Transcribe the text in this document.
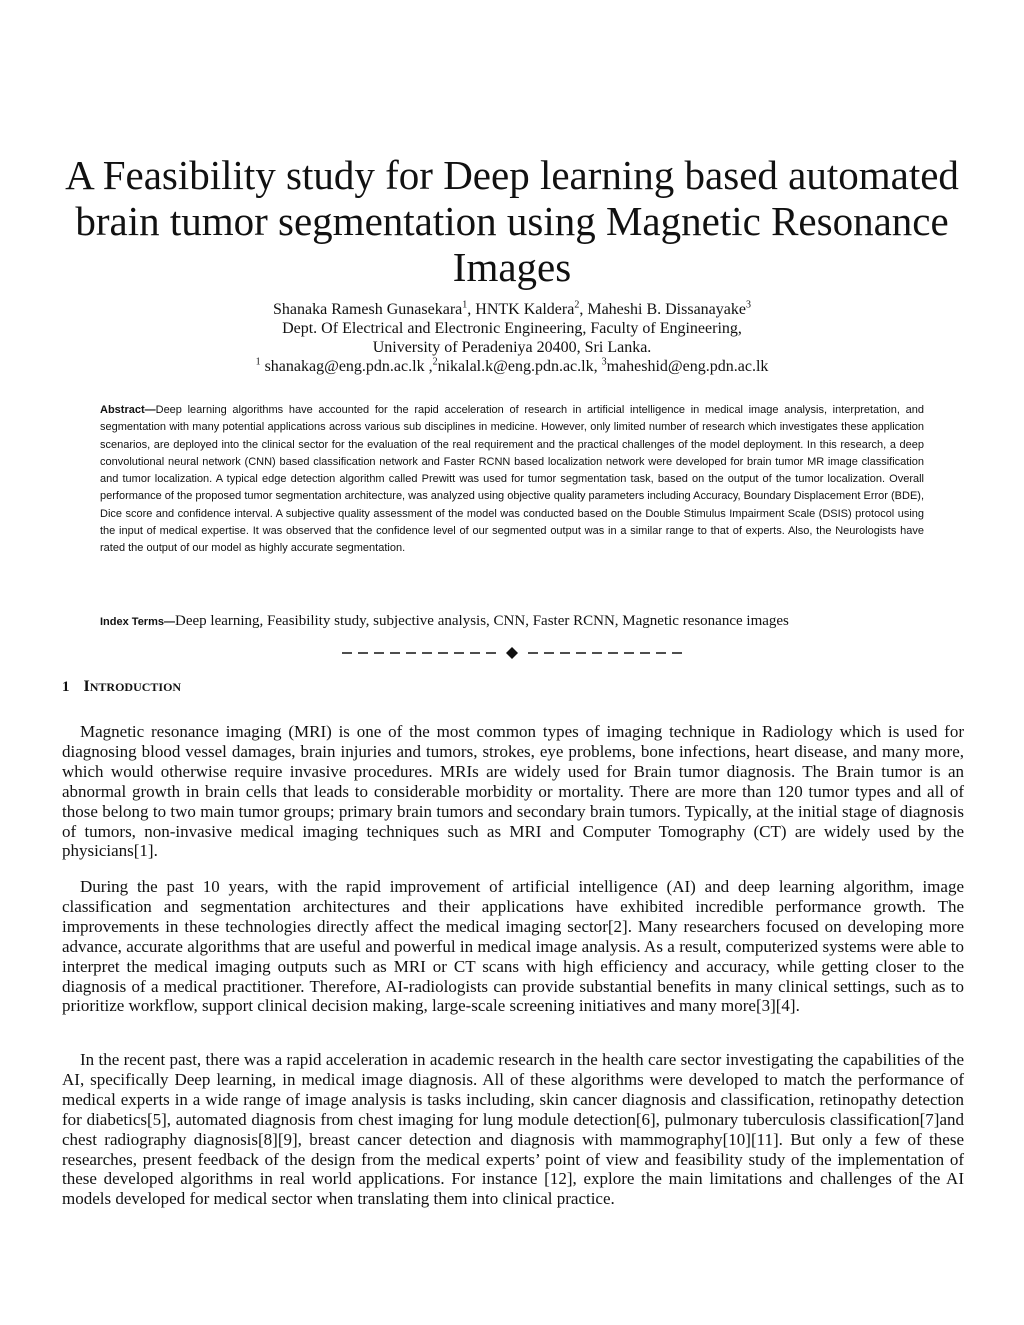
A Feasibility study for Deep learning based automated brain tumor segmentation using Magnetic Resonance Images
Shanaka Ramesh Gunasekara$^1$, HNTK Kaldera$^2$, Maheshi B. Dissanayake$^3$
Dept. Of Electrical and Electronic Engineering, Faculty of Engineering,
University of Peradeniya 20400, Sri Lanka.
$^1$ shanakag@eng.pdn.ac.lk ,$^2$nikalal.k@eng.pdn.ac.lk, $^3$maheshid@eng.pdn.ac.lk
Abstract—Deep learning algorithms have accounted for the rapid acceleration of research in artificial intelligence in medical image analysis, interpretation, and segmentation with many potential applications across various sub disciplines in medicine. However, only limited number of research which investigates these application scenarios, are deployed into the clinical sector for the evaluation of the real requirement and the practical challenges of the model deployment. In this research, a deep convolutional neural network (CNN) based classification network and Faster RCNN based localization network were developed for brain tumor MR image classification and tumor localization. A typical edge detection algorithm called Prewitt was used for tumor segmentation task, based on the output of the tumor localization. Overall performance of the proposed tumor segmentation architecture, was analyzed using objective quality parameters including Accuracy, Boundary Displacement Error (BDE), Dice score and confidence interval. A subjective quality assessment of the model was conducted based on the Double Stimulus Impairment Scale (DSIS) protocol using the input of medical expertise. It was observed that the confidence level of our segmented output was in a similar range to that of experts. Also, the Neurologists have rated the output of our model as highly accurate segmentation.
Index Terms—Deep learning, Feasibility study, subjective analysis, CNN, Faster RCNN, Magnetic resonance images
1 INTRODUCTION

Magnetic resonance imaging (MRI) is one of the most common types of imaging technique in Radiology which is used for diagnosing blood vessel damages, brain injuries and tumors, strokes, eye problems, bone infections, heart disease, and many more, which would otherwise require invasive procedures. MRIs are widely used for Brain tumor diagnosis. The Brain tumor is an abnormal growth in brain cells that leads to considerable morbidity or mortality. There are more than 120 tumor types and all of those belong to two main tumor groups; primary brain tumors and secondary brain tumors. Typically, at the initial stage of diagnosis of tumors, non-invasive medical imaging techniques such as MRI and Computer Tomography (CT) are widely used by the physicians[1].

During the past 10 years, with the rapid improvement of artificial intelligence (AI) and deep learning algorithm, image classification and segmentation architectures and their applications have exhibited incredible performance growth. The improvements in these technologies directly affect the medical imaging sector[2]. Many researchers focused on developing more advance, accurate algorithms that are useful and powerful in medical image analysis. As a result, computerized systems were able to interpret the medical imaging outputs such as MRI or CT scans with high efficiency and accuracy, while getting closer to the diagnosis of a medical practitioner. Therefore, AI-radiologists can provide substantial benefits in many clinical settings, such as to prioritize workflow, support clinical decision making, large-scale screening initiatives and many more[3][4].

In the recent past, there was a rapid acceleration in academic research in the health care sector investigating the capabilities of the AI, specifically Deep learning, in medical image diagnosis. All of these algorithms were developed to match the performance of medical experts in a wide range of image analysis is tasks including, skin cancer diagnosis and classification, retinopathy detection for diabetics[5], automated diagnosis from chest imaging for lung module detection[6], pulmonary tuberculosis classification[7]and chest radiography diagnosis[8][9], breast cancer detection and diagnosis with mammography[10][11]. But only a few of these researches, present feedback of the design from the medical experts’ point of view and feasibility study of the implementation of these developed algorithms in real world applications. For instance [12], explore the main limitations and challenges of the AI models developed for medical sector when translating them into clinical practice.
